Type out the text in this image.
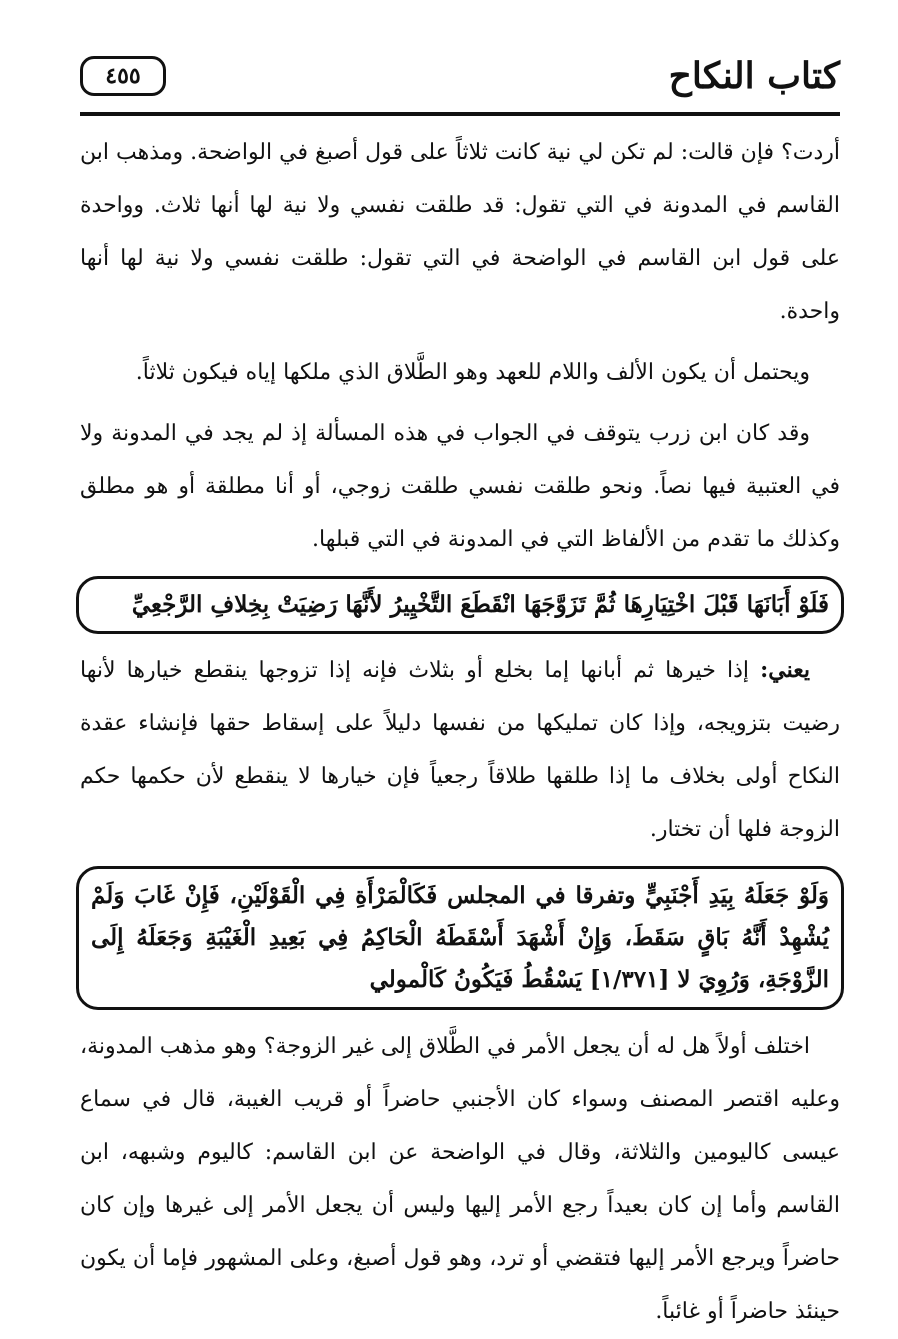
كتاب النكاح
٤٥٥

أردت؟ فإن قالت: لم تكن لي نية كانت ثلاثاً على قول أصبغ في الواضحة. ومذهب ابن القاسم في المدونة في التي تقول: قد طلقت نفسي ولا نية لها أنها ثلاث. وواحدة على قول ابن القاسم في الواضحة في التي تقول: طلقت نفسي ولا نية لها أنها واحدة.

ويحتمل أن يكون الألف واللام للعهد وهو الطَّلاق الذي ملكها إياه فيكون ثلاثاً.

وقد كان ابن زرب يتوقف في الجواب في هذه المسألة إذ لم يجد في المدونة ولا في العتبية فيها نصاً. ونحو طلقت نفسي طلقت زوجي، أو أنا مطلقة أو هو مطلق وكذلك ما تقدم من الألفاظ التي في المدونة في التي قبلها.

فَلَوْ أَبَانَهَا قَبْلَ اخْتِيَارِهَا ثُمَّ تَزَوَّجَهَا انْقَطَعَ التَّخْيِيرُ لأَنَّهَا رَضِيَتْ بِخِلافِ الرَّجْعِيِّ

يعني: إذا خيرها ثم أبانها إما بخلع أو بثلاث فإنه إذا تزوجها ينقطع خيارها لأنها رضيت بتزويجه، وإذا كان تمليكها من نفسها دليلاً على إسقاط حقها فإنشاء عقدة النكاح أولى بخلاف ما إذا طلقها طلاقاً رجعياً فإن خيارها لا ينقطع لأن حكمها حكم الزوجة فلها أن تختار.

وَلَوْ جَعَلَهُ بِيَدِ أَجْنَبِيٍّ وتفرقا في المجلس فَكَالْمَرْأَةِ فِي الْقَوْلَيْنِ، فَإِنْ غَابَ وَلَمْ يُشْهِدْ أَنَّهُ بَاقٍ سَقَطَ، وَإِنْ أَشْهَدَ أَسْقَطَهُ الْحَاكِمُ فِي بَعِيدِ الْغَيْبَةِ وَجَعَلَهُ إِلَى الزَّوْجَةِ، وَرُوِيَ لا [١/٣٧١] يَسْقُطُ فَيَكُونُ كَالْمولي

اختلف أولاً هل له أن يجعل الأمر في الطَّلاق إلى غير الزوجة؟ وهو مذهب المدونة، وعليه اقتصر المصنف وسواء كان الأجنبي حاضراً أو قريب الغيبة، قال في سماع عيسى كاليومين والثلاثة، وقال في الواضحة عن ابن القاسم: كاليوم وشبهه، ابن القاسم وأما إن كان بعيداً رجع الأمر إليها وليس أن يجعل الأمر إلى غيرها وإن كان حاضراً ويرجع الأمر إليها فتقضي أو ترد، وهو قول أصبغ، وعلى المشهور فإما أن يكون حينئذ حاضراً أو غائباً.
